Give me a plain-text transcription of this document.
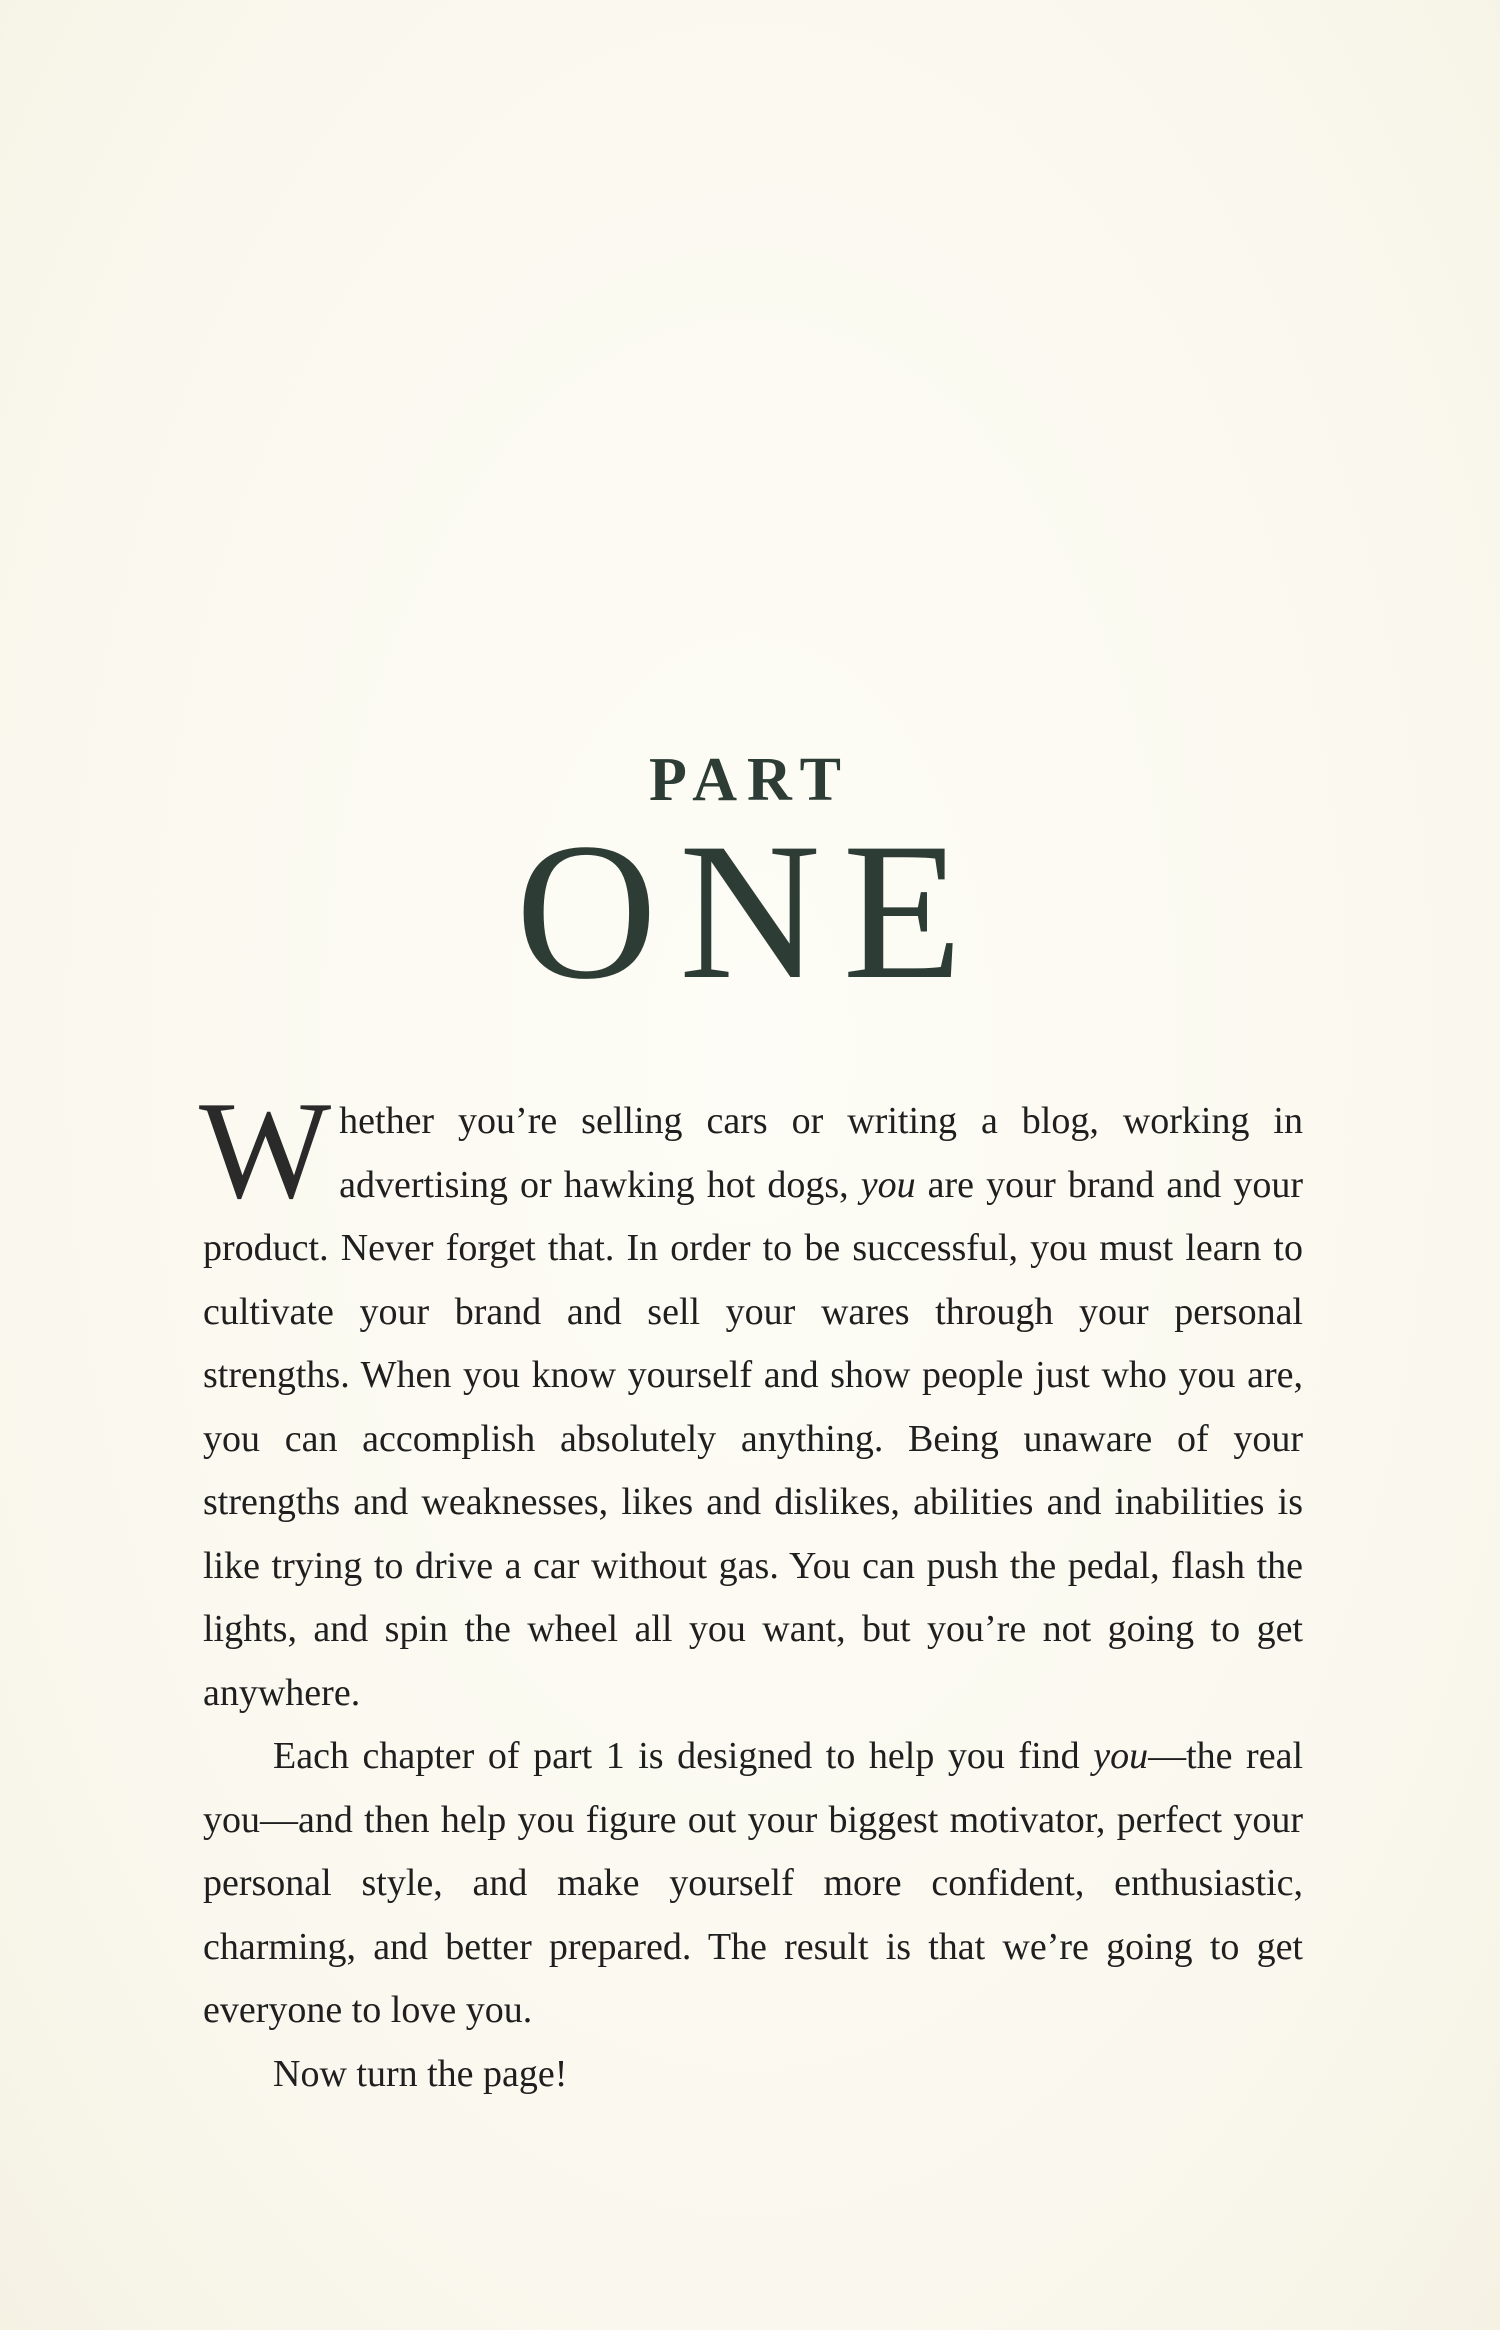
PART
ONE

Whether you’re selling cars or writing a blog, working in advertising or hawking hot dogs, you are your brand and your product. Never forget that. In order to be successful, you must learn to cultivate your brand and sell your wares through your personal strengths. When you know yourself and show people just who you are, you can accomplish absolutely anything. Being unaware of your strengths and weaknesses, likes and dislikes, abilities and inabilities is like trying to drive a car without gas. You can push the pedal, flash the lights, and spin the wheel all you want, but you’re not going to get anywhere.

Each chapter of part 1 is designed to help you find you—the real you—and then help you figure out your biggest motivator, perfect your personal style, and make yourself more confident, enthusiastic, charming, and better prepared. The result is that we’re going to get everyone to love you.

Now turn the page!
